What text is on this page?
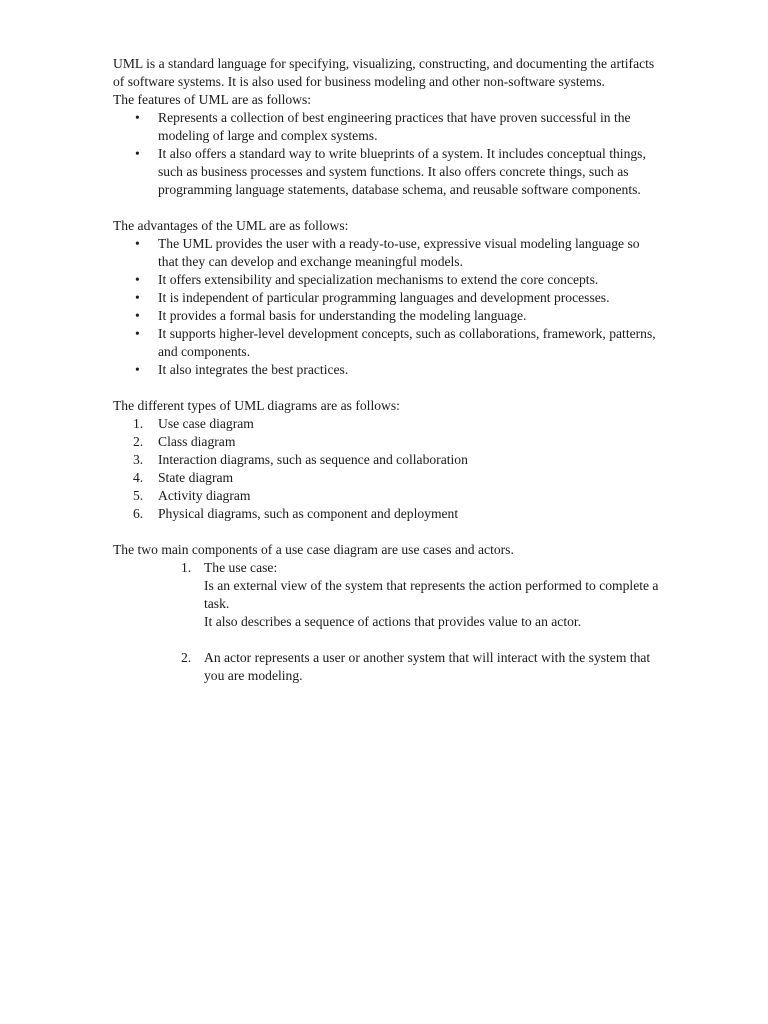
UML is a standard language for specifying, visualizing, constructing, and documenting the artifacts of software systems. It is also used for business modeling and other non-software systems.

The features of UML are as follows:

• Represents a collection of best engineering practices that have proven successful in the modeling of large and complex systems.
• It also offers a standard way to write blueprints of a system. It includes conceptual things, such as business processes and system functions. It also offers concrete things, such as programming language statements, database schema, and reusable software components.

The advantages of the UML are as follows:

• The UML provides the user with a ready-to-use, expressive visual modeling language so that they can develop and exchange meaningful models.
• It offers extensibility and specialization mechanisms to extend the core concepts.
• It is independent of particular programming languages and development processes.
• It provides a formal basis for understanding the modeling language.
• It supports higher-level development concepts, such as collaborations, framework, patterns, and components.
• It also integrates the best practices.

The different types of UML diagrams are as follows:

1. Use case diagram
2. Class diagram
3. Interaction diagrams, such as sequence and collaboration
4. State diagram
5. Activity diagram
6. Physical diagrams, such as component and deployment

The two main components of a use case diagram are use cases and actors.

1. The use case:
Is an external view of the system that represents the action performed to complete a task.
It also describes a sequence of actions that provides value to an actor.
2. An actor represents a user or another system that will interact with the system that you are modeling.
